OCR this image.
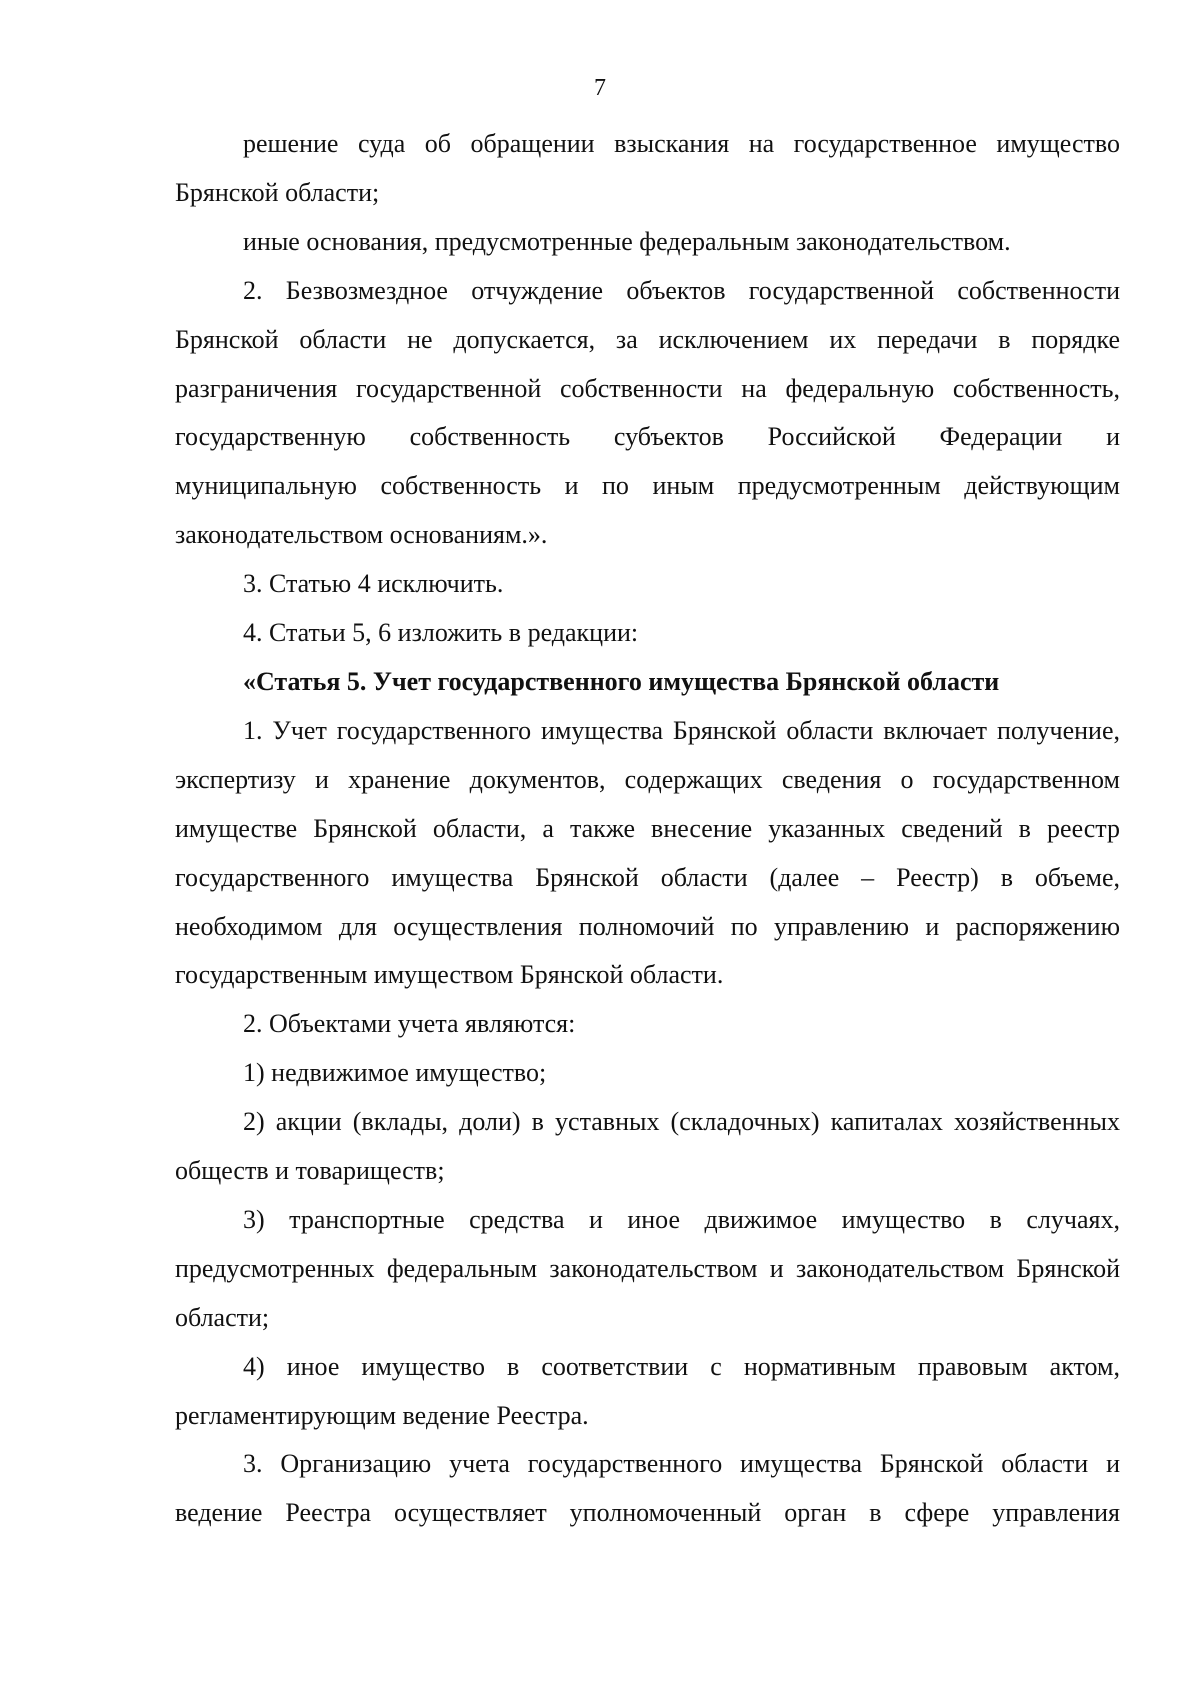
7

решение суда об обращении взыскания на государственное имущество Брянской области;

иные основания, предусмотренные федеральным законодательством.

2. Безвозмездное отчуждение объектов государственной собственности Брянской области не допускается, за исключением их передачи в порядке разграничения государственной собственности на федеральную собственность, государственную собственность субъектов Российской Федерации и муниципальную собственность и по иным предусмотренным действующим законодательством основаниям.».

3. Статью 4 исключить.

4. Статьи 5, 6 изложить в редакции:

«Статья 5. Учет государственного имущества Брянской области

1. Учет государственного имущества Брянской области включает получение, экспертизу и хранение документов, содержащих сведения о государственном имуществе Брянской области, а также внесение указанных сведений в реестр государственного имущества Брянской области (далее – Реестр) в объеме, необходимом для осуществления полномочий по управлению и распоряжению государственным имуществом Брянской области.

2. Объектами учета являются:

1) недвижимое имущество;

2) акции (вклады, доли) в уставных (складочных) капиталах хозяйственных обществ и товариществ;

3) транспортные средства и иное движимое имущество в случаях, предусмотренных федеральным законодательством и законодательством Брянской области;

4) иное имущество в соответствии с нормативным правовым актом, регламентирующим ведение Реестра.

3. Организацию учета государственного имущества Брянской области и ведение Реестра осуществляет уполномоченный орган в сфере управления
